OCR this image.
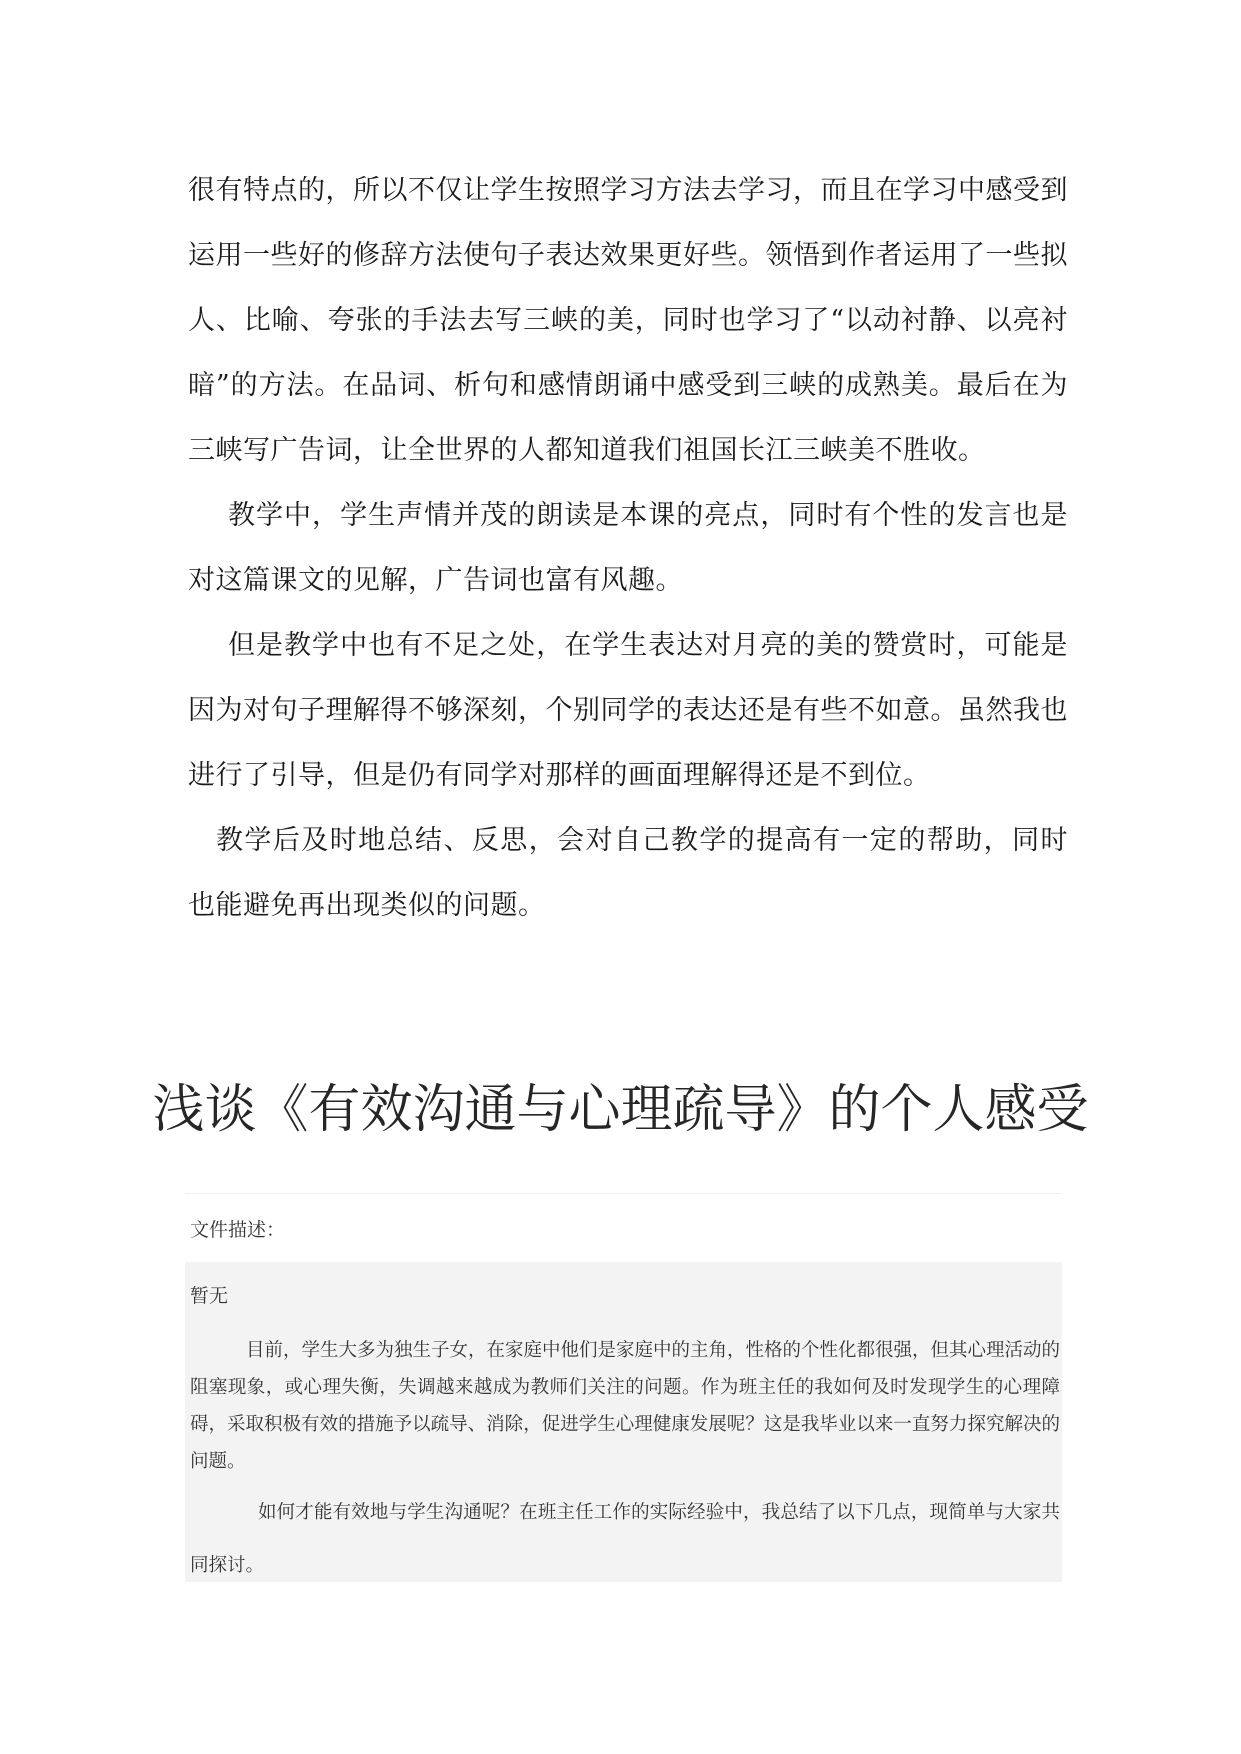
很有特点的，所以不仅让学生按照学习方法去学习，而且在学习中感受到运用一些好的修辞方法使句子表达效果更好些。领悟到作者运用了一些拟人、比喻、夸张的手法去写三峡的美，同时也学习了“以动衬静、以亮衬暗”的方法。在品词、析句和感情朗诵中感受到三峡的成熟美。最后在为三峡写广告词，让全世界的人都知道我们祖国长江三峡美不胜收。

教学中，学生声情并茂的朗读是本课的亮点，同时有个性的发言也是对这篇课文的见解，广告词也富有风趣。

但是教学中也有不足之处，在学生表达对月亮的美的赞赏时，可能是因为对句子理解得不够深刻，个别同学的表达还是有些不如意。虽然我也进行了引导，但是仍有同学对那样的画面理解得还是不到位。

教学后及时地总结、反思，会对自己教学的提高有一定的帮助，同时也能避免再出现类似的问题。

浅谈《有效沟通与心理疏导》的个人感受
文件描述：
暂无

目前，学生大多为独生子女，在家庭中他们是家庭中的主角，性格的个性化都很强，但其心理活动的阻塞现象，或心理失衡，失调越来越成为教师们关注的问题。作为班主任的我如何及时发现学生的心理障碍，采取积极有效的措施予以疏导、消除，促进学生心理健康发展呢？这是我毕业以来一直努力探究解决的问题。

如何才能有效地与学生沟通呢？在班主任工作的实际经验中，我总结了以下几点，现简单与大家共同探讨。
